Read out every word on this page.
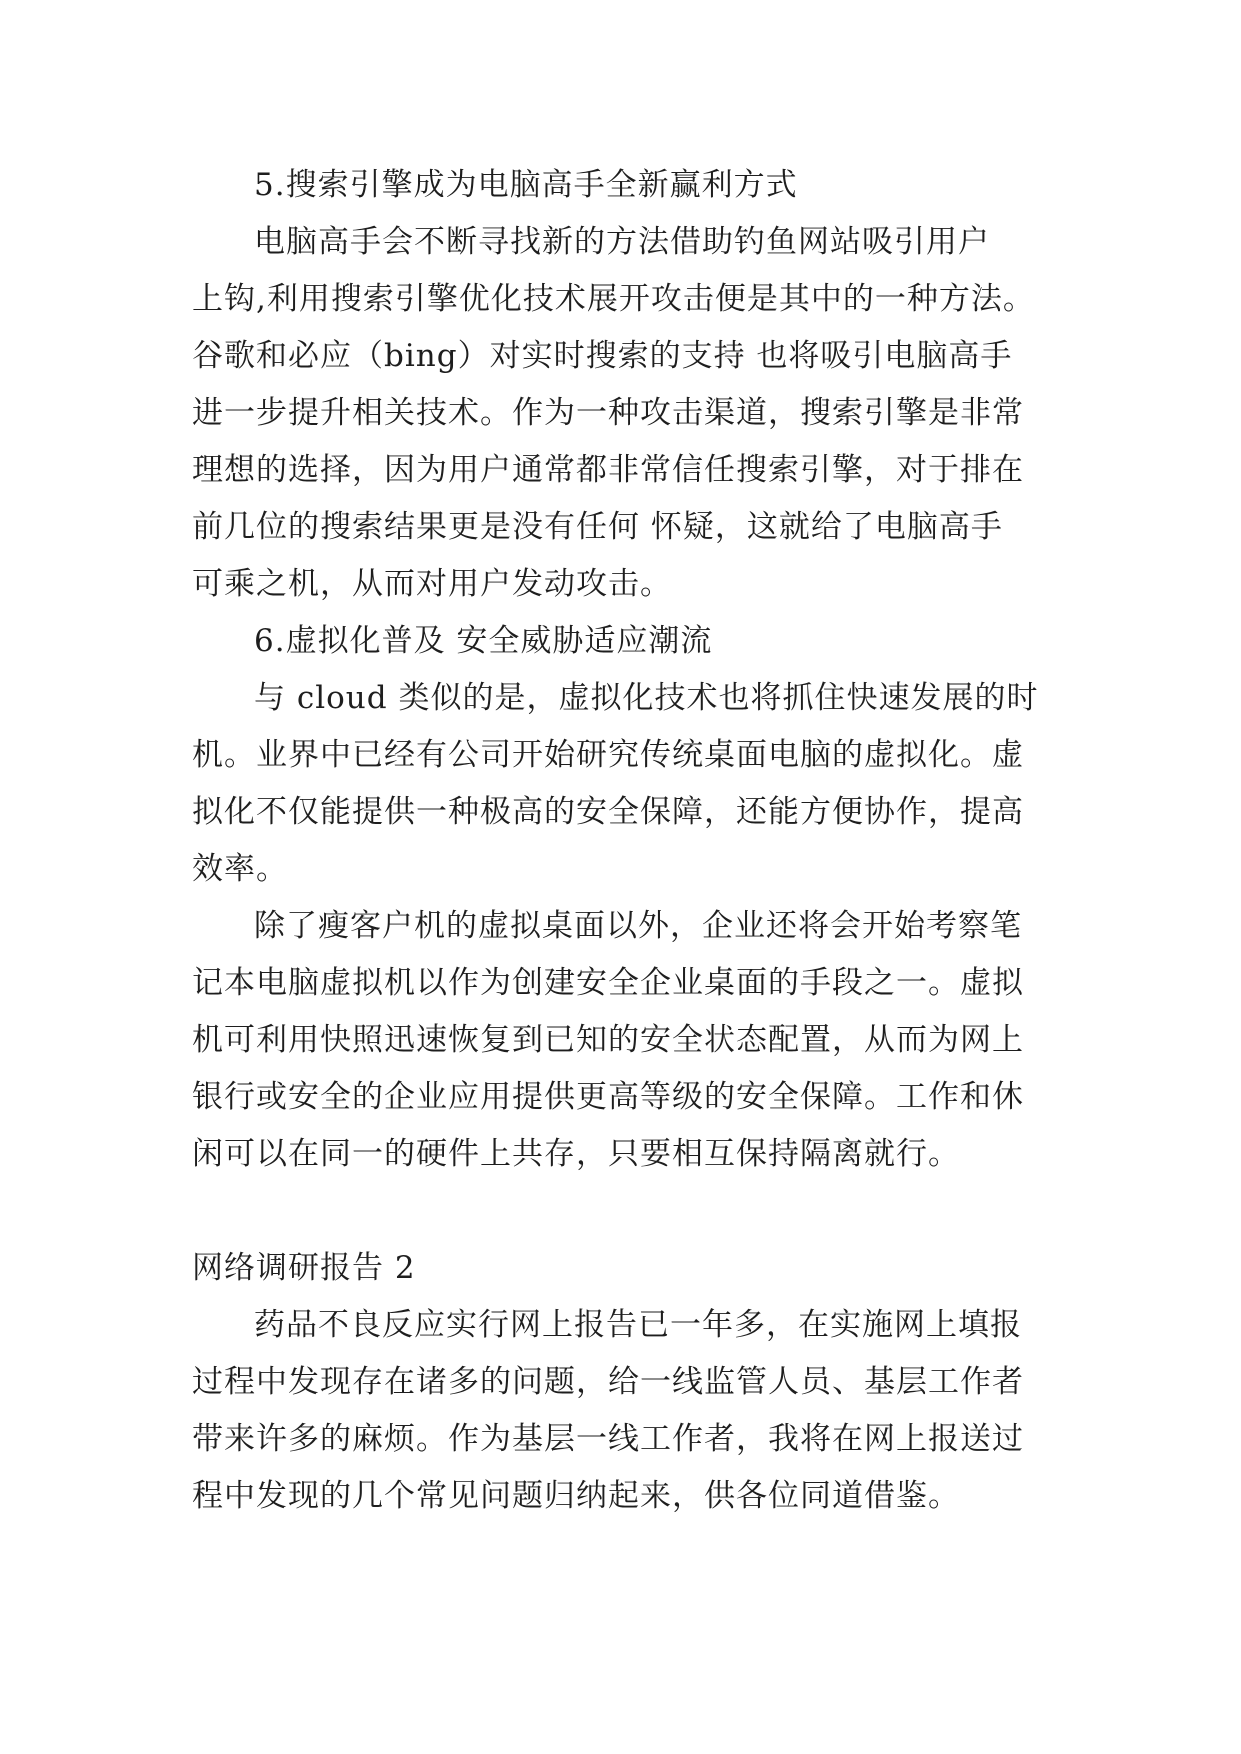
5.搜索引擎成为电脑高手全新赢利方式
电脑高手会不断寻找新的方法借助钓鱼网站吸引用户
上钩,利用搜索引擎优化技术展开攻击便是其中的一种方法。
谷歌和必应（bing）对实时搜索的支持 也将吸引电脑高手
进一步提升相关技术。作为一种攻击渠道，搜索引擎是非常
理想的选择，因为用户通常都非常信任搜索引擎，对于排在
前几位的搜索结果更是没有任何 怀疑，这就给了电脑高手
可乘之机，从而对用户发动攻击。
6.虚拟化普及 安全威胁适应潮流
与 cloud 类似的是，虚拟化技术也将抓住快速发展的时
机。业界中已经有公司开始研究传统桌面电脑的虚拟化。虚
拟化不仅能提供一种极高的安全保障，还能方便协作，提高
效率。
除了瘦客户机的虚拟桌面以外，企业还将会开始考察笔
记本电脑虚拟机以作为创建安全企业桌面的手段之一。虚拟
机可利用快照迅速恢复到已知的安全状态配置，从而为网上
银行或安全的企业应用提供更高等级的安全保障。工作和休
闲可以在同一的硬件上共存，只要相互保持隔离就行。
网络调研报告 2
药品不良反应实行网上报告已一年多，在实施网上填报
过程中发现存在诸多的问题，给一线监管人员、基层工作者
带来许多的麻烦。作为基层一线工作者，我将在网上报送过
程中发现的几个常见问题归纳起来，供各位同道借鉴。
